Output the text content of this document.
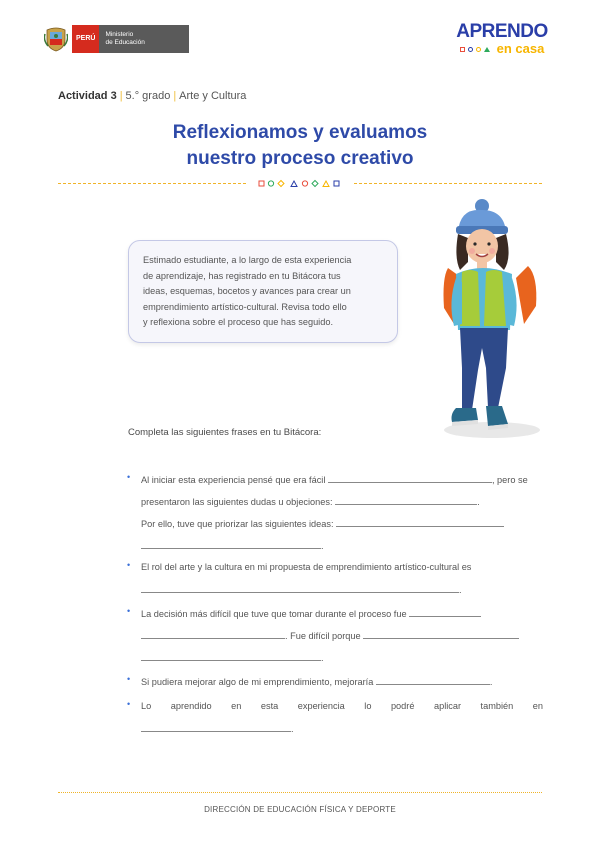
PERÚ
Ministerio
de Educación
APRENDO
en casa
Actividad 3 | 5.° grado | Arte y Cultura
Reflexionamos y evaluamos
nuestro proceso creativo
Estimado estudiante, a lo largo de esta experiencia
de aprendizaje, has registrado en tu Bitácora tus
ideas, esquemas, bocetos y avances para crear un
emprendimiento artístico-cultural. Revisa todo ello
y reflexiona sobre el proceso que has seguido.
Completa las siguientes frases en tu Bitácora:
•	Al iniciar esta experiencia pensé que era fácil	, pero se
presentaron las siguientes dudas u objeciones:	.
Por ello, tuve que priorizar las siguientes ideas:
.
•	El rol del arte y la cultura en mi propuesta de emprendimiento artístico-cultural es
.
•	La decisión más difícil que tuve que tomar durante el proceso fue
. Fue difícil porque
.
•	Si pudiera mejorar algo de mi emprendimiento, mejoraría	.
•	Lo aprendido en esta experiencia lo podré aplicar también en
.
DIRECCIÓN DE EDUCACIÓN FÍSICA Y DEPORTE
